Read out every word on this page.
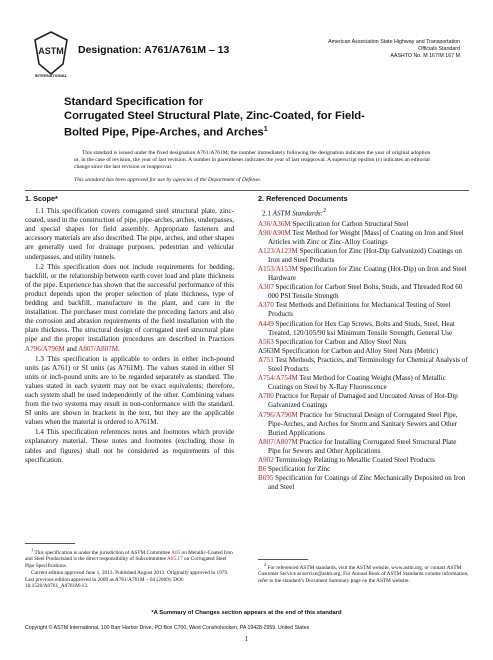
ASTM
INTERNATIONAL
Designation: A761/A761M – 13
American Association State Highway and Transportation
Officials Standard
AASHTO No. M 167/M 167 M
Standard Specification for
Corrugated Steel Structural Plate, Zinc-Coated, for Field-
Bolted Pipe, Pipe-Arches, and Arches$^1$

This standard is issued under the fixed designation A761/A761M; the number immediately following the designation indicates the year of original adoption or, in the case of revision, the year of last revision. A number in parentheses indicates the year of last reapproval. A superscript epsilon (ε) indicates an editorial change since the last revision or reapproval.

This standard has been approved for use by agencies of the Department of Defense.
1. Scope*

1.1 This specification covers corrugated steel structural plate, zinc-coated, used in the construction of pipe, pipe-arches, arches, underpasses, and special shapes for field assembly. Appropriate fasteners and accessory materials are also described. The pipe, arches, and other shapes are generally used for drainage purposes, pedestrian and vehicular underpasses, and utility tunnels.

1.2 This specification does not include requirements for bedding, backfill, or the relationship between earth cover load and plate thickness of the pipe. Experience has shown that the successful performance of this product depends upon the proper selection of plate thickness, type of bedding and backfill, manufacture in the plant, and care in the installation. The purchaser must correlate the preceding factors and also the corrosion and abrasion requirements of the field installation with the plate thickness. The structural design of corrugated steel structural plate pipe and the proper installation procedures are described in Practices A796/A796M and A807/A807M.

1.3 This specification is applicable to orders in either inch-pound units (as A761) or SI units (as A761M). The values stated in either SI units or inch-pound units are to be regarded separately as standard. The values stated in each system may not be exact equivalents; therefore, each system shall be used independently of the other. Combining values from the two systems may result in non-conformance with the standard. SI units are shown in brackets in the text, but they are the applicable values when the material is ordered to A761M.

1.4 This specification references notes and footnotes which provide explanatory material. These notes and footnotes (excluding those in tables and figures) shall not be considered as requirements of this specification.

2. Referenced Documents
2.1 ASTM Standards:$^2$
A36/A36M Specification for Carbon Structural Steel
A90/A90M Test Method for Weight [Mass] of Coating on Iron and Steel Articles with Zinc or Zinc-Alloy Coatings
A123/A123M Specification for Zinc (Hot-Dip Galvanized) Coatings on Iron and Steel Products
A153/A153M Specification for Zinc Coating (Hot-Dip) on Iron and Steel Hardware
A307 Specification for Carbon Steel Bolts, Studs, and Threaded Rod 60 000 PSI Tensile Strength
A370 Test Methods and Definitions for Mechanical Testing of Steel Products
A449 Specification for Hex Cap Screws, Bolts and Studs, Steel, Heat Treated, 120/105/90 ksi Minimum Tensile Strength, General Use
A563 Specification for Carbon and Alloy Steel Nuts
A563M Specification for Carbon and Alloy Steel Nuts (Metric)
A751 Test Methods, Practices, and Terminology for Chemical Analysis of Steel Products
A754/A754M Test Method for Coating Weight (Mass) of Metallic Coatings on Steel by X-Ray Fluorescence
A780 Practice for Repair of Damaged and Uncoated Areas of Hot-Dip Galvanized Coatings
A796/A796M Practice for Structural Design of Corrugated Steel Pipe, Pipe-Arches, and Arches for Storm and Sanitary Sewers and Other Buried Applications
A807/A807M Practice for Installing Corrugated Steel Structural Plate Pipe for Sewers and Other Applications
A902 Terminology Relating to Metallic Coated Steel Products
B6 Specification for Zinc
B695 Specification for Coatings of Zinc Mechanically Deposited on Iron and Steel

$^1$ This specification is under the jurisdiction of ASTM Committee A05 on Metallic-Coated Iron and Steel Productsand is the direct responsibility of Subcommittee A05.17 on Corrugated Steel Pipe Specifications.

Current edition approved June 1, 2013. Published August 2013. Originally approved in 1979. Last previous edition approved in 2009 as A761/A761M – 04 (2009). DOI: 10.1520/A0761_A0761M-13.

$^2$ For referenced ASTM standards, visit the ASTM website, www.astm.org, or contact ASTM Customer Service at service@astm.org. For Annual Book of ASTM Standards volume information, refer to the standard’s Document Summary page on the ASTM website.

*A Summary of Changes section appears at the end of this standard
Copyright © ASTM International, 100 Barr Harbor Drive, PO Box C700, West Conshohocken, PA 19428-2959. United States
1
